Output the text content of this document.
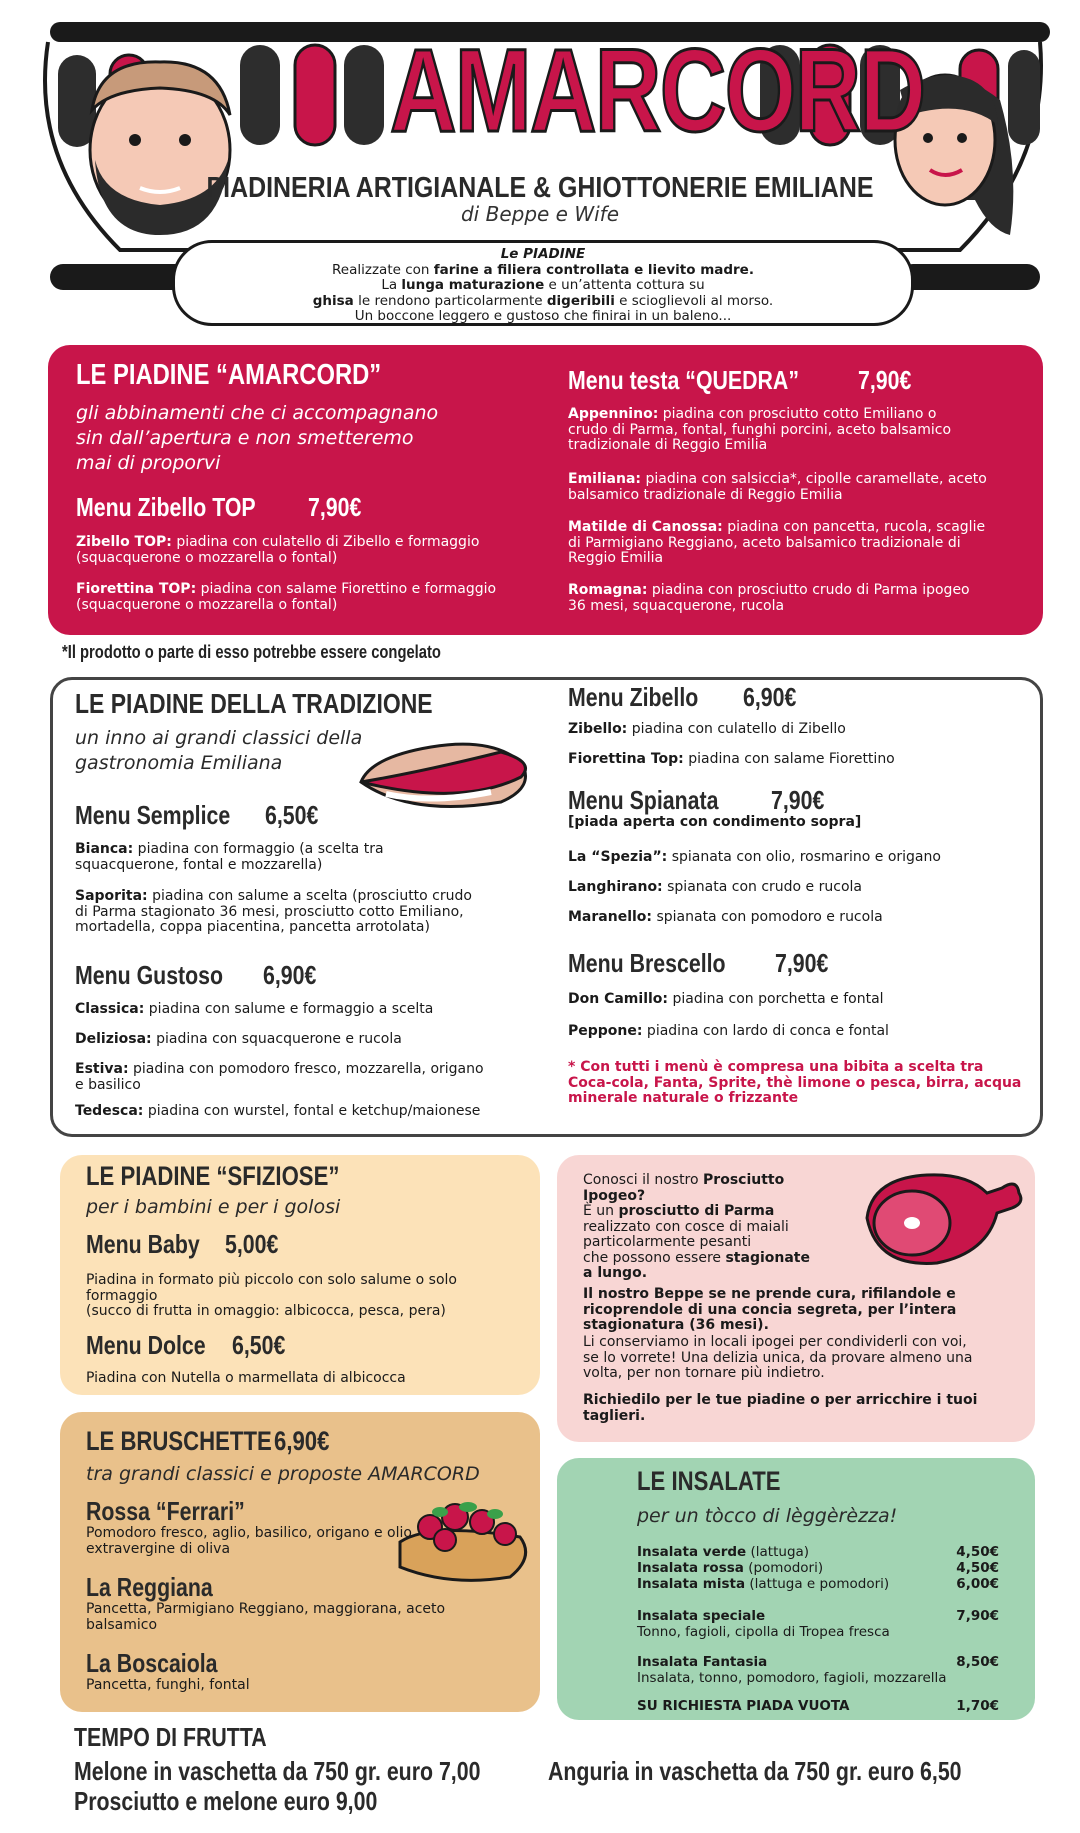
AMARCORD
PIADINERIA ARTIGIANALE & GHIOTTONERIE EMILIANE
di Beppe e Wife
Le PIADINE
Realizzate con farine a filiera controllata e lievito madre.
La lunga maturazione e un’attenta cottura su
ghisa le rendono particolarmente digeribili e scioglievoli al morso.
Un boccone leggero e gustoso che finirai in un baleno...
LE PIADINE “AMARCORD”
gli abbinamenti che ci accompagnano
sin dall’apertura e non smetteremo
mai di proporvi
Menu Zibello TOP	7,90€
Zibello TOP: piadina con culatello di Zibello e formaggio
(squacquerone o mozzarella o fontal)
Fiorettina TOP: piadina con salame Fiorettino e formaggio
(squacquerone o mozzarella o fontal)
Menu testa “QUEDRA”	7,90€
Appennino: piadina con prosciutto cotto Emiliano o
crudo di Parma, fontal, funghi porcini, aceto balsamico
tradizionale di Reggio Emilia
Emiliana: piadina con salsiccia*, cipolle caramellate, aceto
balsamico tradizionale di Reggio Emilia
Matilde di Canossa: piadina con pancetta, rucola, scaglie
di Parmigiano Reggiano, aceto balsamico tradizionale di
Reggio Emilia
Romagna: piadina con prosciutto crudo di Parma ipogeo
36 mesi, squacquerone, rucola
*Il prodotto o parte di esso potrebbe essere congelato
LE PIADINE DELLA TRADIZIONE
un inno ai grandi classici della
gastronomia Emiliana
Menu Semplice	6,50€
Bianca: piadina con formaggio (a scelta tra
squacquerone, fontal e mozzarella)
Saporita: piadina con salume a scelta (prosciutto crudo
di Parma stagionato 36 mesi, prosciutto cotto Emiliano,
mortadella, coppa piacentina, pancetta arrotolata)
Menu Gustoso	6,90€
Classica: piadina con salume e formaggio a scelta
Deliziosa: piadina con squacquerone e rucola
Estiva: piadina con pomodoro fresco, mozzarella, origano
e basilico
Tedesca: piadina con wurstel, fontal e ketchup/maionese
Menu Zibello	6,90€
Zibello: piadina con culatello di Zibello
Fiorettina Top: piadina con salame Fiorettino
Menu Spianata	7,90€
[piada aperta con condimento sopra]
La “Spezia”: spianata con olio, rosmarino e origano
Langhirano: spianata con crudo e rucola
Maranello: spianata con pomodoro e rucola
Menu Brescello	7,90€
Don Camillo: piadina con porchetta e fontal
Peppone: piadina con lardo di conca e fontal
* Con tutti i menù è compresa una bibita a scelta tra
Coca-cola, Fanta, Sprite, thè limone o pesca, birra, acqua
minerale naturale o frizzante
LE PIADINE “SFIZIOSE”
per i bambini e per i golosi
Menu Baby 5,00€
Piadina in formato più piccolo con solo salume o solo
formaggio
(succo di frutta in omaggio: albicocca, pesca, pera)
Menu Dolce	6,50€
Piadina con Nutella o marmellata di albicocca
Conosci il nostro Prosciutto Ipogeo?
È un prosciutto di Parma
realizzato con cosce di maiali
particolarmente pesanti
che possono essere stagionate
a lungo.
Il nostro Beppe se ne prende cura, rifilandole e
ricoprendole di una concia segreta, per l’intera
stagionatura (36 mesi).
Li conserviamo in locali ipogei per condividerli con voi,
se lo vorrete! Una delizia unica, da provare almeno una
volta, per non tornare più indietro.
Richiedilo per le tue piadine o per arricchire i tuoi
taglieri.
LE BRUSCHETTE 6,90€
tra grandi classici e proposte AMARCORD
Rossa “Ferrari”
Pomodoro fresco, aglio, basilico, origano e olio
extravergine di oliva
La Reggiana
Pancetta, Parmigiano Reggiano, maggiorana, aceto
balsamico
La Boscaiola
Pancetta, funghi, fontal
LE INSALATE
per un tòcco di lèggèrèzza!
Insalata verde (lattuga)	4,50€
Insalata rossa (pomodori)	4,50€
Insalata mista (lattuga e pomodori)	6,00€
Insalata speciale
Tonno, fagioli, cipolla di Tropea fresca
7,90€
Insalata Fantasia
Insalata, tonno, pomodoro, fagioli, mozzarella
8,50€
SU RICHIESTA PIADA VUOTA	1,70€
TEMPO DI FRUTTA
Melone in vaschetta da 750 gr. euro 7,00	Anguria in vaschetta da 750 gr. euro 6,50
Prosciutto e melone euro 9,00
